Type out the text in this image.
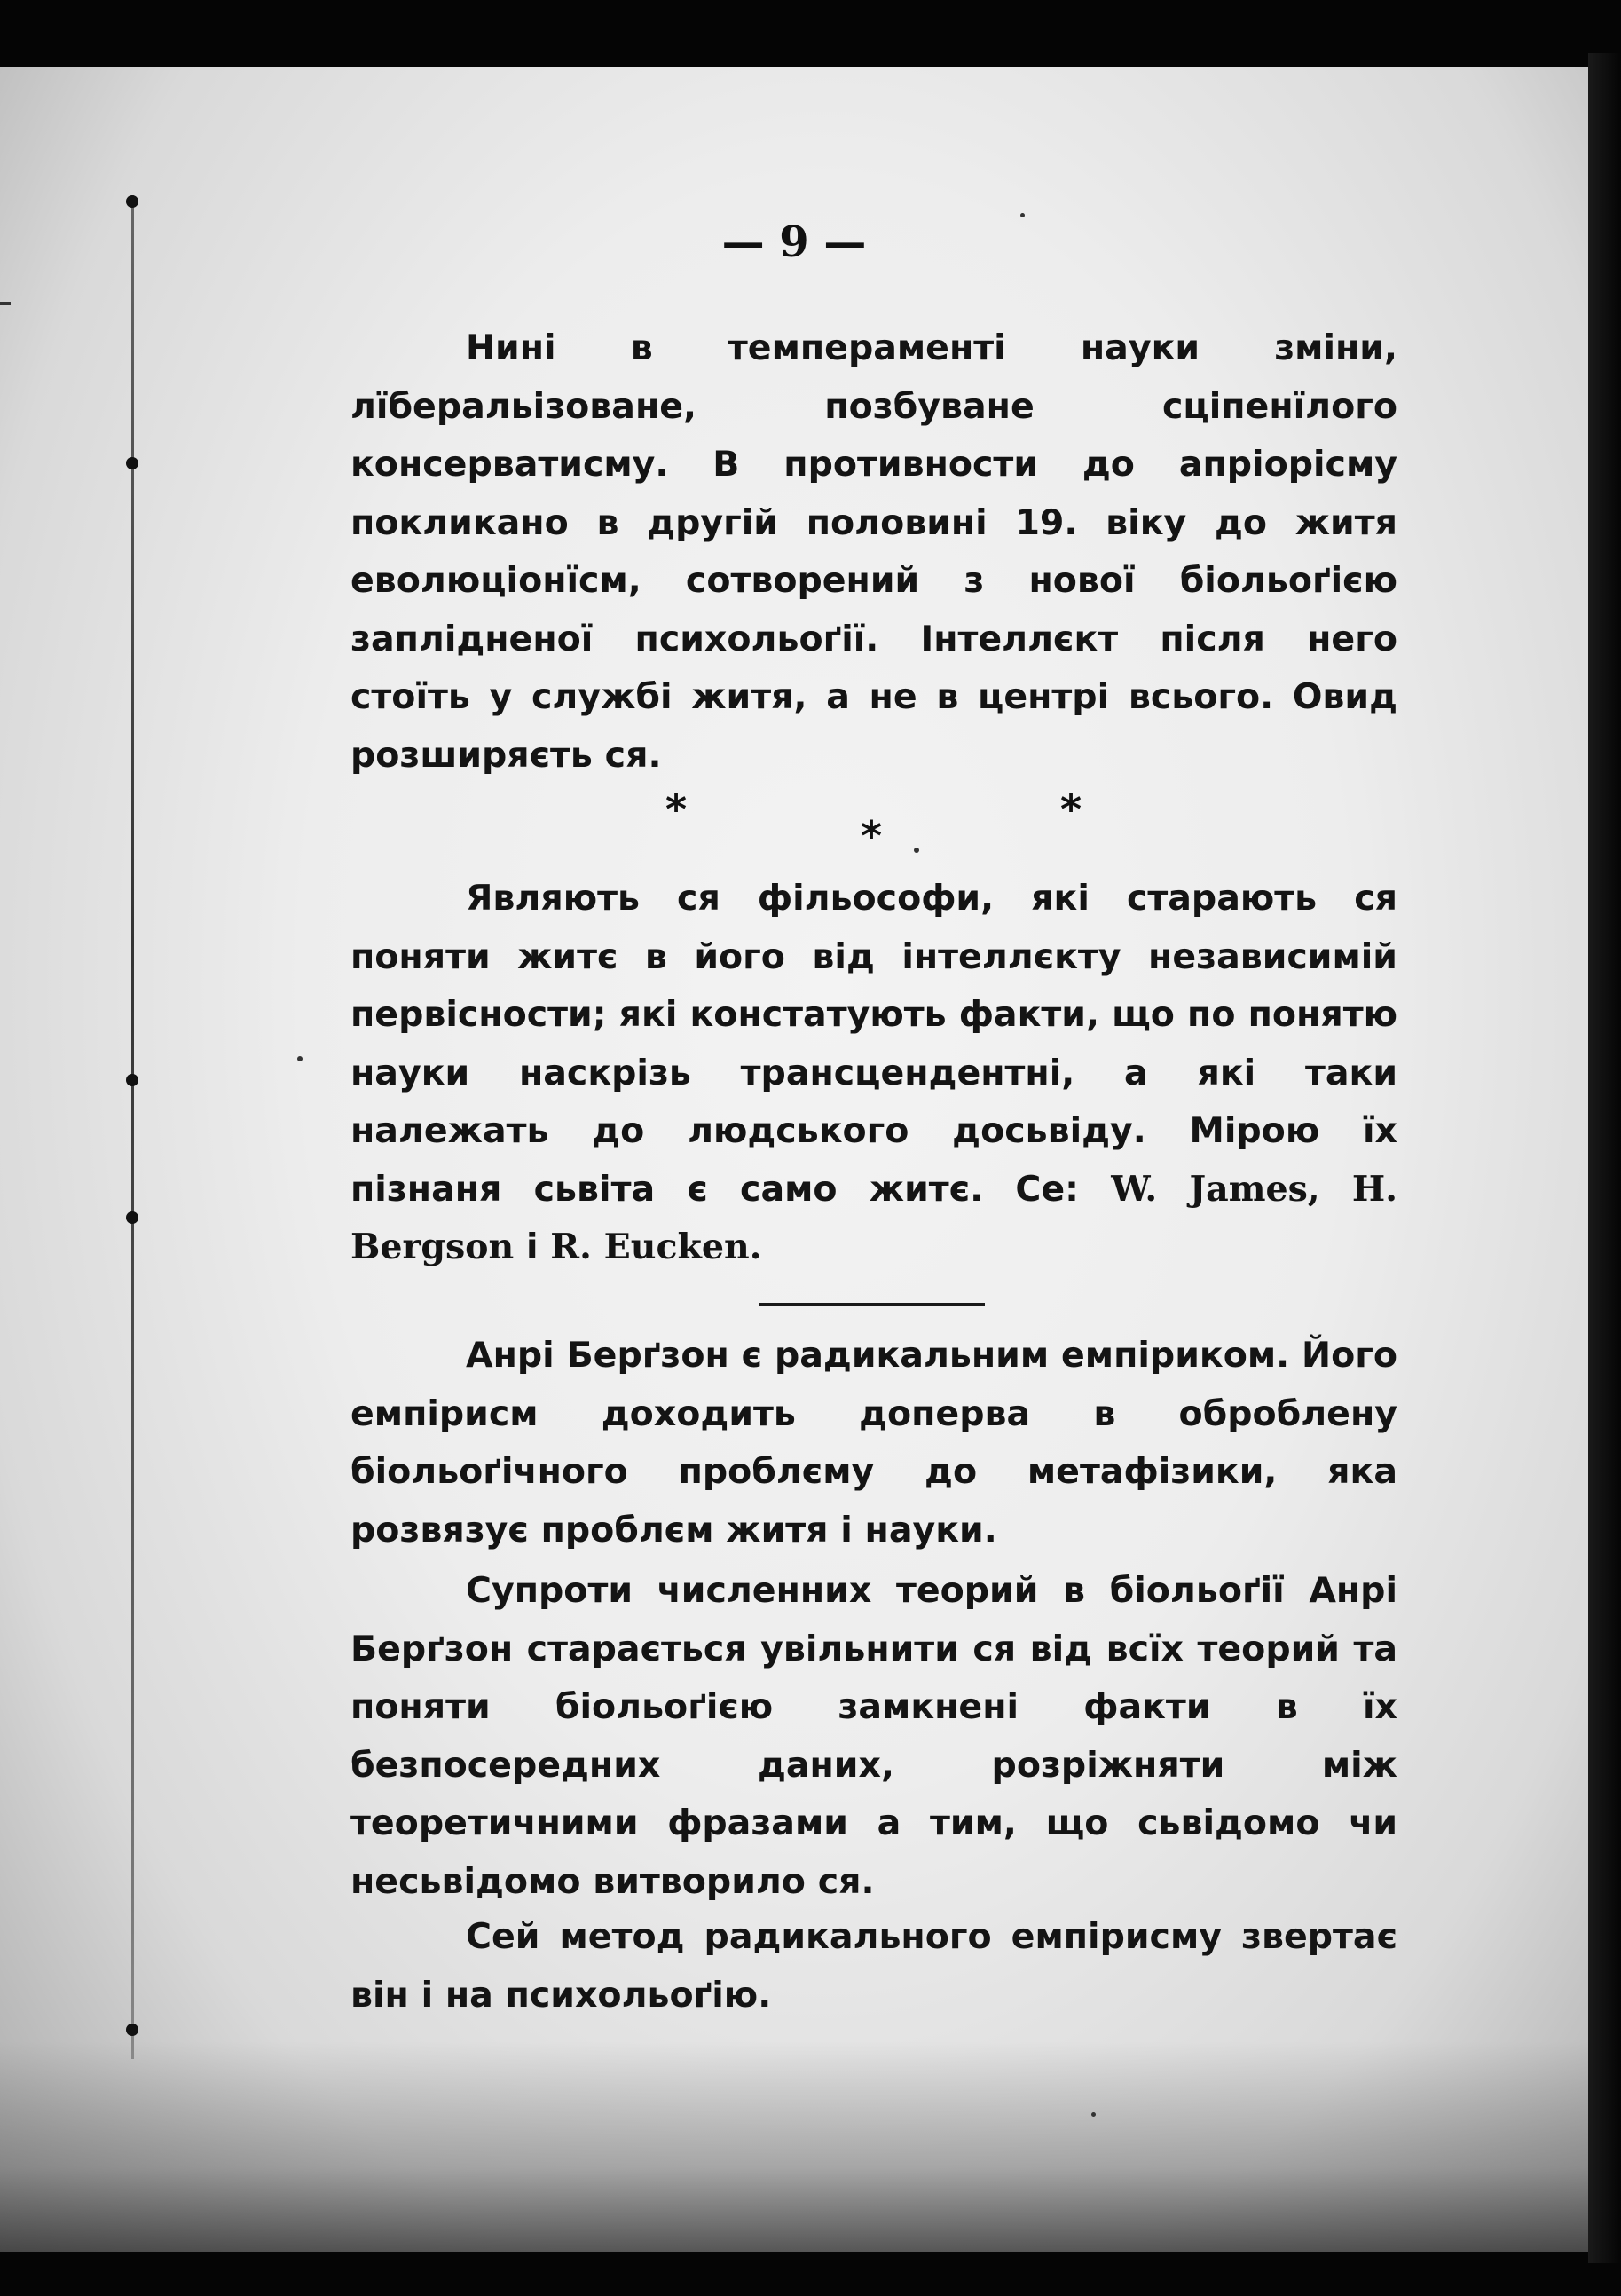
— 9 —
Нині в темпераменті науки зміни, лїберальізоване, позбуване сціпенїлого консерватисму. В противности до апріорісму покликано в другій половині 19. віку до житя еволюціонїсм, сотворений з нової біольоґією заплідненої психольоґії. Інтеллєкт після него стоїть у службі житя, а не в центрі всього. Овид розширяєть ся.
*	*
*
Являють ся фільософи, які старають ся поняти житє в його від інтеллєкту независимій первісности; які констатують факти, що по понятю науки наскрізь трансцендентні, а які таки належать до людського досьвіду. Мірою їх пізнаня сьвіта є само житє. Се: W. James, H. Bergson і R. Eucken.
Анрі Берґзон є радикальним емпіриком. Його емпірисм доходить доперва в оброблену біольоґічного проблєму до метафізики, яка розвязує проблєм житя і науки.
Супроти численних теорий в біольоґії Анрі Берґзон старається увільнити ся від всїх теорий та поняти біольоґією замкнені факти в їх безпосередних даних, розріжняти між теоретичними фразами а тим, що сьвідомо чи несьвідомо витворило ся.
Сей метод радикального емпірисму звертає він і на психольоґію.
